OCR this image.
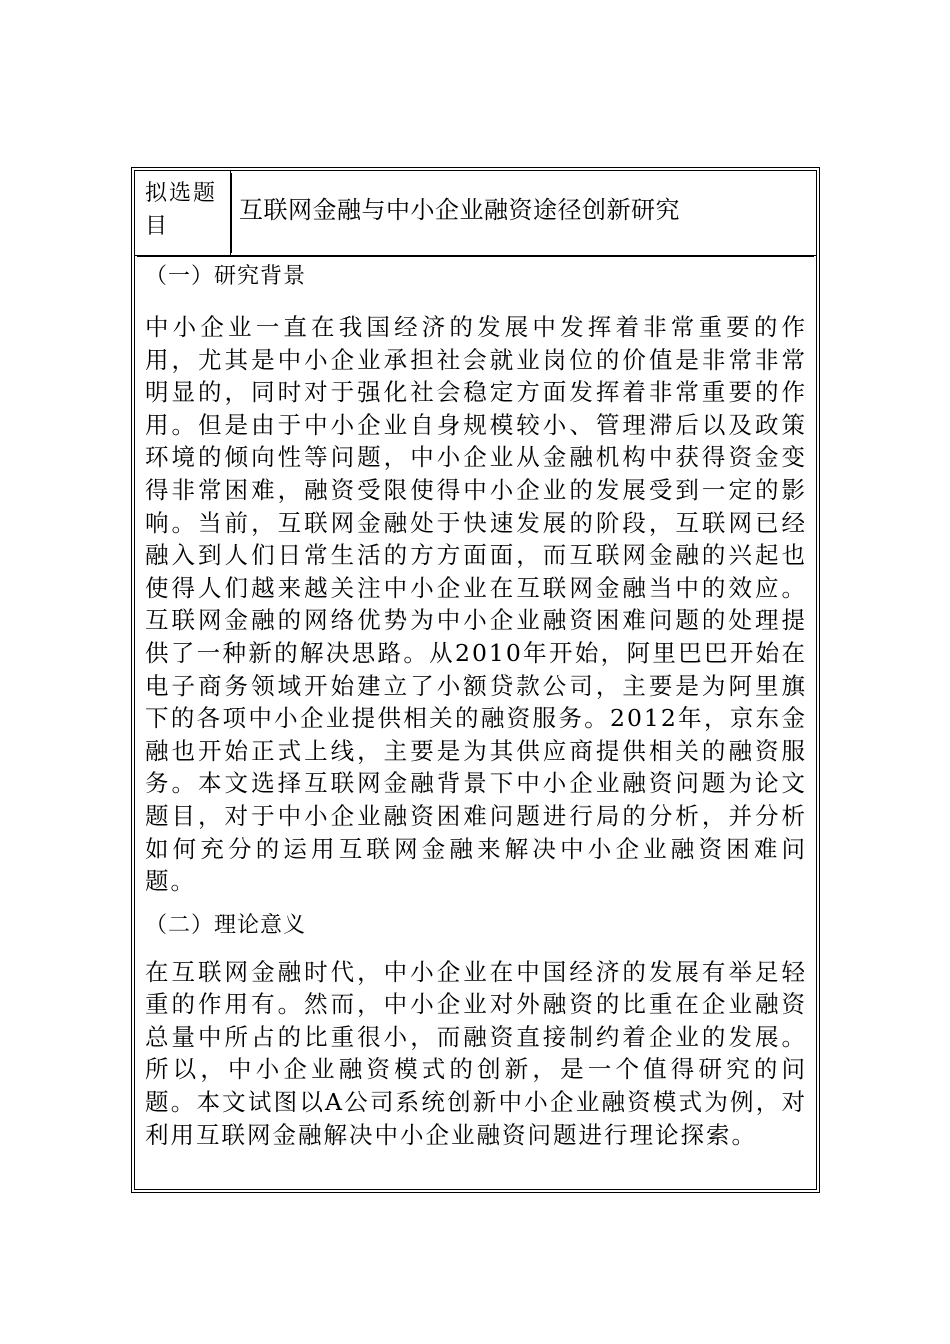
拟选题目
互联网金融与中小企业融资途径创新研究

（一）研究背景

中小企业一直在我国经济的发展中发挥着非常重要的作用，尤其是中小企业承担社会就业岗位的价值是非常非常明显的，同时对于强化社会稳定方面发挥着非常重要的作用。但是由于中小企业自身规模较小、管理滞后以及政策环境的倾向性等问题，中小企业从金融机构中获得资金变得非常困难，融资受限使得中小企业的发展受到一定的影响。当前，互联网金融处于快速发展的阶段，互联网已经融入到人们日常生活的方方面面，而互联网金融的兴起也使得人们越来越关注中小企业在互联网金融当中的效应。互联网金融的网络优势为中小企业融资困难问题的处理提供了一种新的解决思路。从2010年开始，阿里巴巴开始在电子商务领域开始建立了小额贷款公司，主要是为阿里旗下的各项中小企业提供相关的融资服务。2012年，京东金融也开始正式上线，主要是为其供应商提供相关的融资服务。本文选择互联网金融背景下中小企业融资问题为论文题目，对于中小企业融资困难问题进行局的分析，并分析如何充分的运用互联网金融来解决中小企业融资困难问题。

（二）理论意义

在互联网金融时代，中小企业在中国经济的发展有举足轻重的作用有。然而，中小企业对外融资的比重在企业融资总量中所占的比重很小，而融资直接制约着企业的发展。所以，中小企业融资模式的创新，是一个值得研究的问题。本文试图以A公司系统创新中小企业融资模式为例，对利用互联网金融解决中小企业融资问题进行理论探索。
